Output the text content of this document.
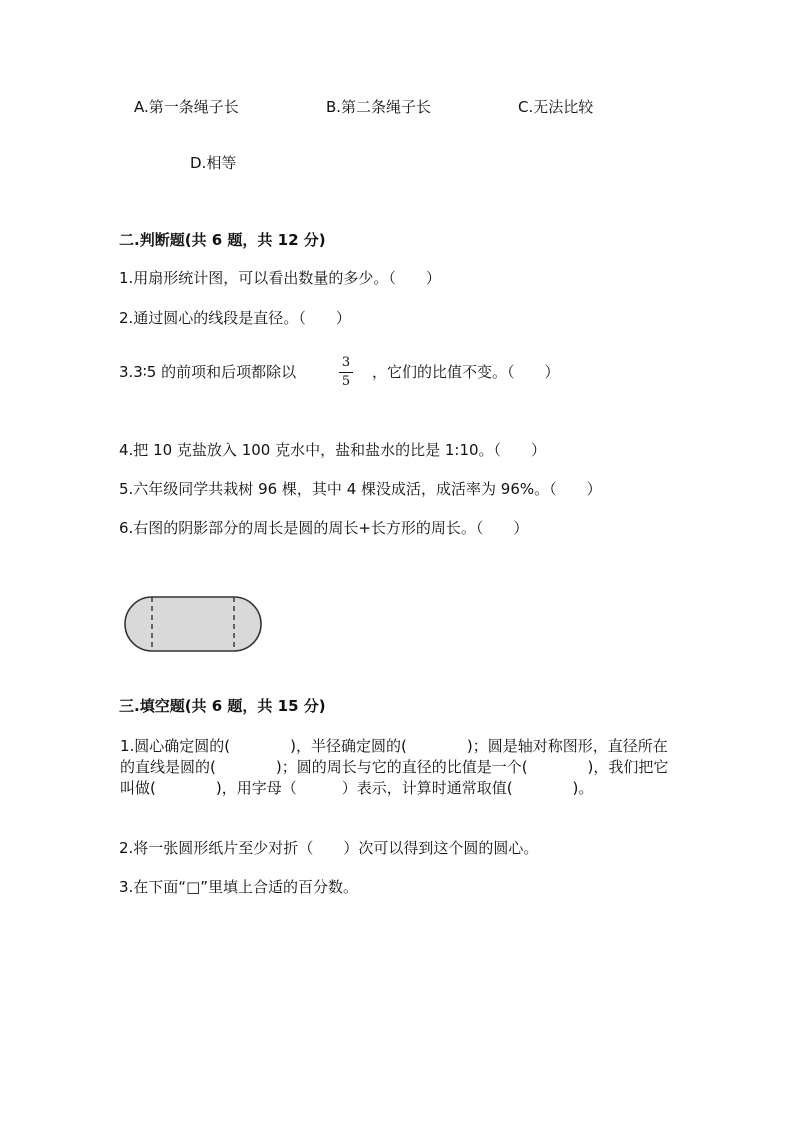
A.第一条绳子长	B.第二条绳子长	C.无法比较
D.相等
二.判断题(共 6 题，共 12 分)
1.用扇形统计图，可以看出数量的多少。（　　）
2.通过圆心的线段是直径。（　　）
3.3∶5 的前项和后项都除以
3
5
，它们的比值不变。（　　）
4.把 10 克盐放入 100 克水中，盐和盐水的比是 1:10。（　　）
5.六年级同学共栽树 96 棵，其中 4 棵没成活，成活率为 96%。（　　）
6.右图的阴影部分的周长是圆的周长+长方形的周长。（　　）
三.填空题(共 6 题，共 15 分)
1.圆心确定圆的(　　　　)，半径确定圆的(　　　　)；圆是轴对称图形，直径所在的直线是圆的(　　　　)；圆的周长与它的直径的比值是一个(　　　　)，我们把它叫做(　　　　)，用字母（　　　）表示，计算时通常取值(　　　　)。
2.将一张圆形纸片至少对折（　　）次可以得到这个圆的圆心。
3.在下面“□”里填上合适的百分数。
